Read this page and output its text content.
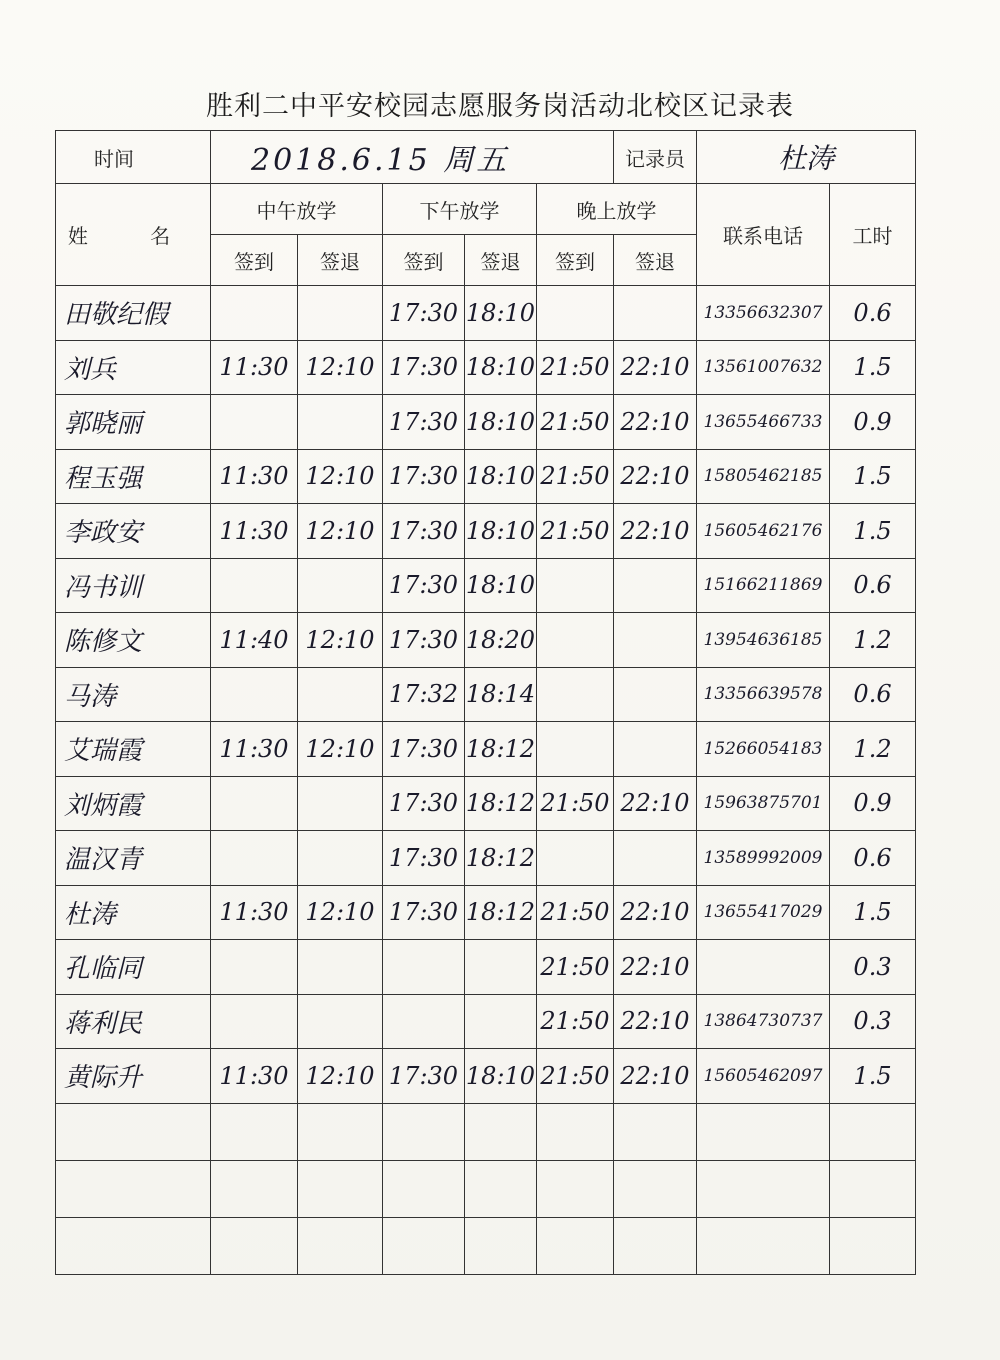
胜利二中平安校园志愿服务岗活动北校区记录表
时间	2018.6.15 周五					记录员	杜涛	
姓 名	中午放学		下午放学		晚上放学		联系电话	工时
	签到	签退	签到	签退	签到	签退		
田敬纪假			17:30	18:10			13356632307	0.6
刘兵	11:30	12:10	17:30	18:10	21:50	22:10	13561007632	1.5
郭晓丽			17:30	18:10	21:50	22:10	13655466733	0.9
程玉强	11:30	12:10	17:30	18:10	21:50	22:10	15805462185	1.5
李政安	11:30	12:10	17:30	18:10	21:50	22:10	15605462176	1.5
冯书训			17:30	18:10			15166211869	0.6
陈修文	11:40	12:10	17:30	18:20			13954636185	1.2
马涛			17:32	18:14			13356639578	0.6
艾瑞霞	11:30	12:10	17:30	18:12			15266054183	1.2
刘炳霞			17:30	18:12	21:50	22:10	15963875701	0.9
温汉青			17:30	18:12			13589992009	0.6
杜涛	11:30	12:10	17:30	18:12	21:50	22:10	13655417029	1.5
孔临同					21:50	22:10		0.3
蒋利民					21:50	22:10	13864730737	0.3
黄际升	11:30	12:10	17:30	18:10	21:50	22:10	15605462097	1.5
